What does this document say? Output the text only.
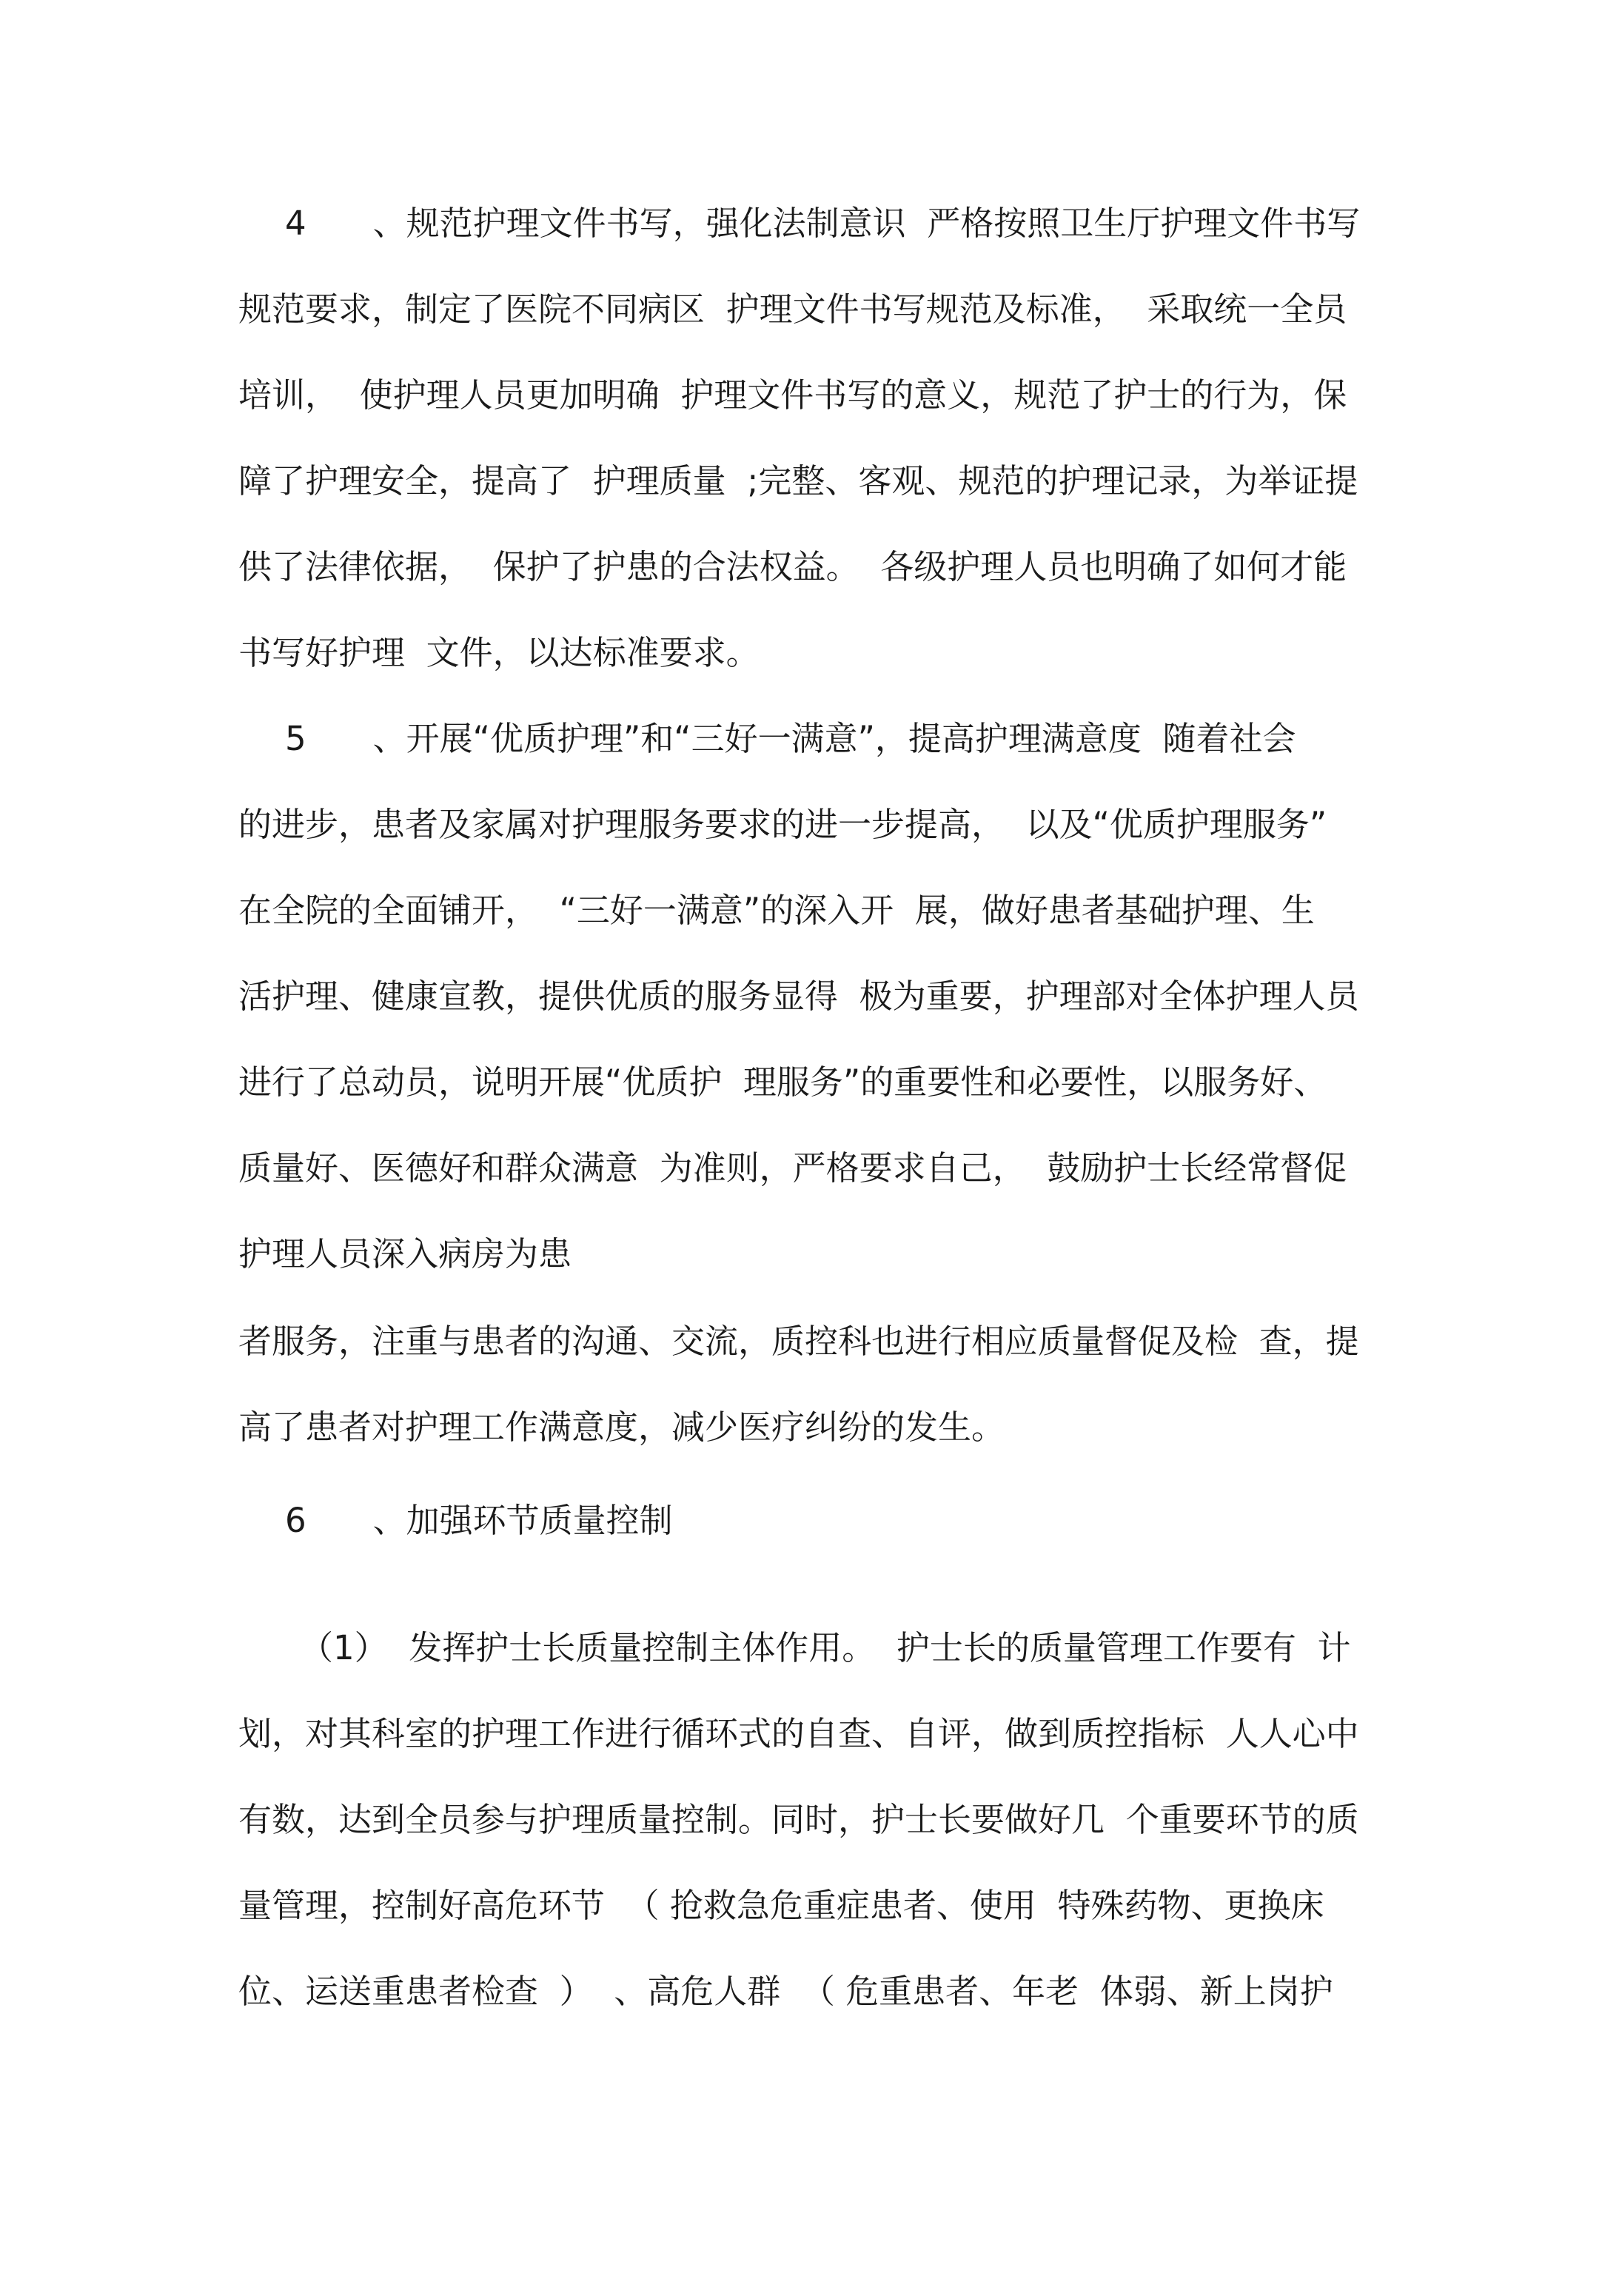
4　　、规范护理文件书写，强化法制意识  严格按照卫生厅护理文件书写
规范要求，制定了医院不同病区  护理文件书写规范及标准，  采取统一全员
培训，  使护理人员更加明确  护理文件书写的意义，规范了护士的行为，保
障了护理安全，提高了  护理质量  ;完整、客观、规范的护理记录，为举证提
供了法律依据，  保护了护患的合法权益。  各级护理人员也明确了如何才能
书写好护理  文件，以达标准要求。
5　　、开展“优质护理”和“三好一满意”，提高护理满意度  随着社会
的进步，患者及家属对护理服务要求的进一步提高，  以及“优质护理服务”
在全院的全面铺开，  “三好一满意”的深入开  展，做好患者基础护理、生
活护理、健康宣教，提供优质的服务显得  极为重要，护理部对全体护理人员
进行了总动员，说明开展“优质护  理服务”的重要性和必要性，以服务好、
质量好、医德好和群众满意  为准则，严格要求自己，  鼓励护士长经常督促
护理人员深入病房为患
者服务，注重与患者的沟通、交流，质控科也进行相应质量督促及检  查，提
高了患者对护理工作满意度，减少医疗纠纷的发生。
6　　、加强环节质量控制
（1）  发挥护士长质量控制主体作用。  护士长的质量管理工作要有  计
划，对其科室的护理工作进行循环式的自查、自评，做到质控指标  人人心中
有数，达到全员参与护理质量控制。同时，护士长要做好几  个重要环节的质
量管理，控制好高危环节  （ 抢救急危重症患者、使用  特殊药物、更换床
位、运送重患者检查  ）  、高危人群  （ 危重患者、年老  体弱、新上岗护
